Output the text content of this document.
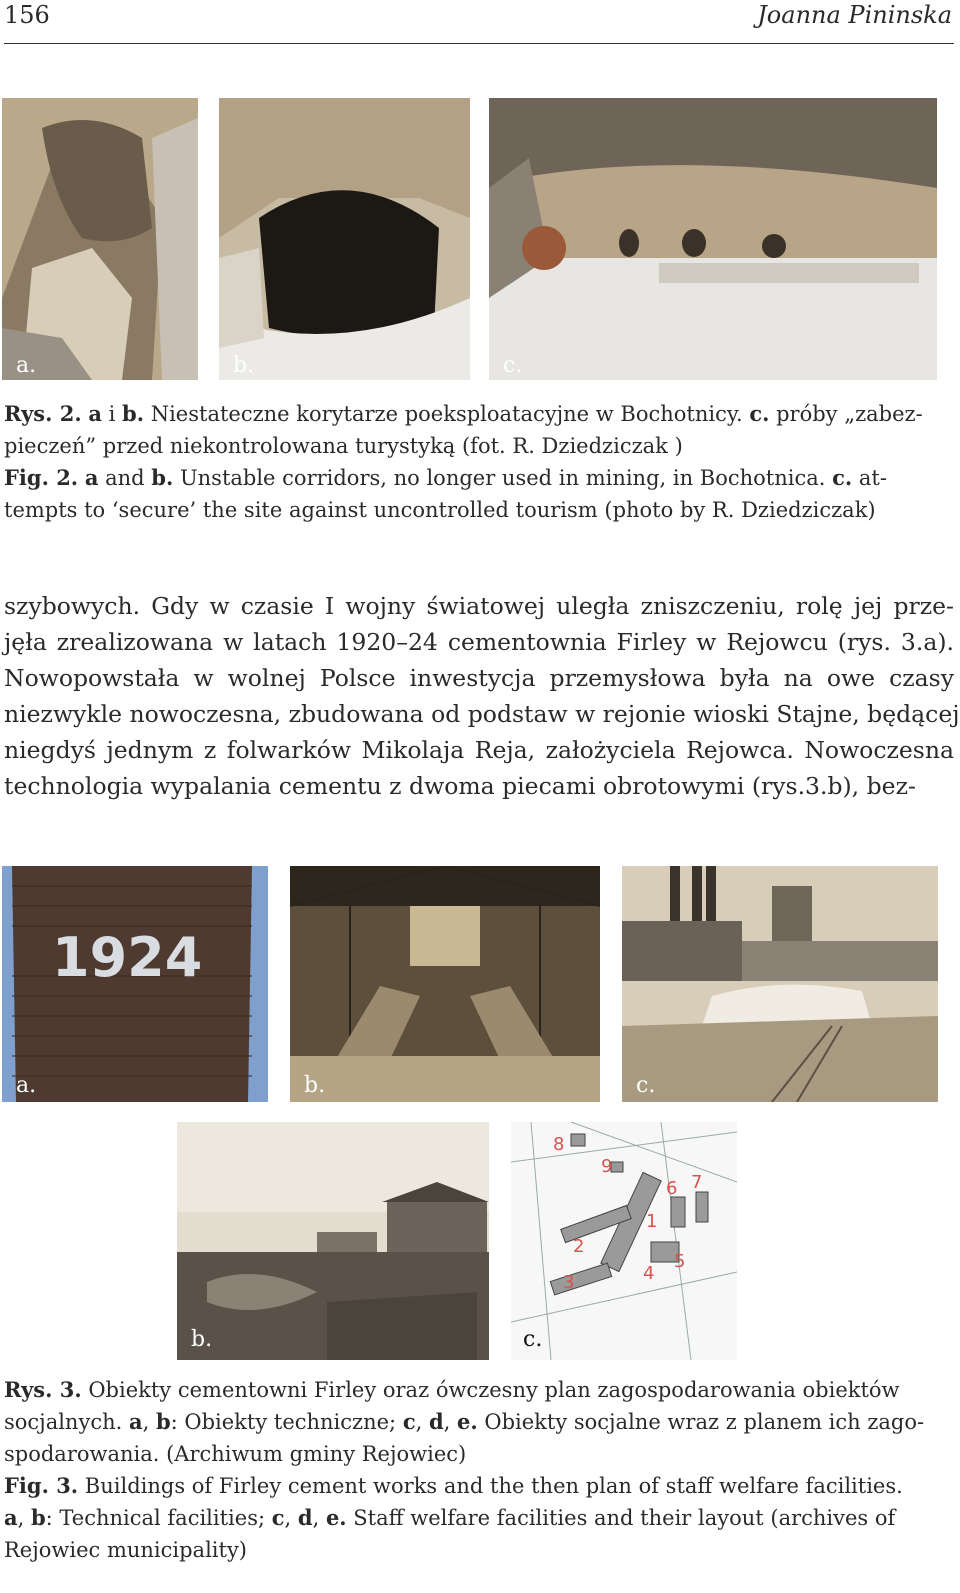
156	Joanna Pininska
a.	b.	c.
Rys. 2. a i b. Niestateczne korytarze poeksploatacyjne w Bochotnicy. c. próby „zabez-
pieczeń” przed niekontrolowana turystyką (fot. R. Dziedziczak )
Fig. 2. a and b. Unstable corridors, no longer used in mining, in Bochotnica. c. at-
tempts to ‘secure’ the site against uncontrolled tourism (photo by R. Dziedziczak)
szybowych. Gdy w czasie I wojny światowej uległa zniszczeniu, rolę jej prze-
jęła zrealizowana w latach 1920–24 cementownia Firley w Rejowcu (rys. 3.a).
Nowopowstała w wolnej Polsce inwestycja przemysłowa była na owe czasy
niezwykle nowoczesna, zbudowana od podstaw w rejonie wioski Stajne, będącej
niegdyś jednym z folwarków Mikolaja Reja, założyciela Rejowca. Nowoczesna
technologia wypalania cementu z dwoma piecami obrotowymi (rys.3.b), bez-
1924
a.	b.	c.
b.
1
2
3	4
5
6 7
8
9
c.
Rys. 3. Obiekty cementowni Firley oraz ówczesny plan zagospodarowania obiektów
socjalnych. a, b: Obiekty techniczne; c, d, e. Obiekty socjalne wraz z planem ich zago-
spodarowania. (Archiwum gminy Rejowiec)
Fig. 3. Buildings of Firley cement works and the then plan of staff welfare facilities.
a, b: Technical facilities; c, d, e. Staff welfare facilities and their layout (archives of
Rejowiec municipality)
